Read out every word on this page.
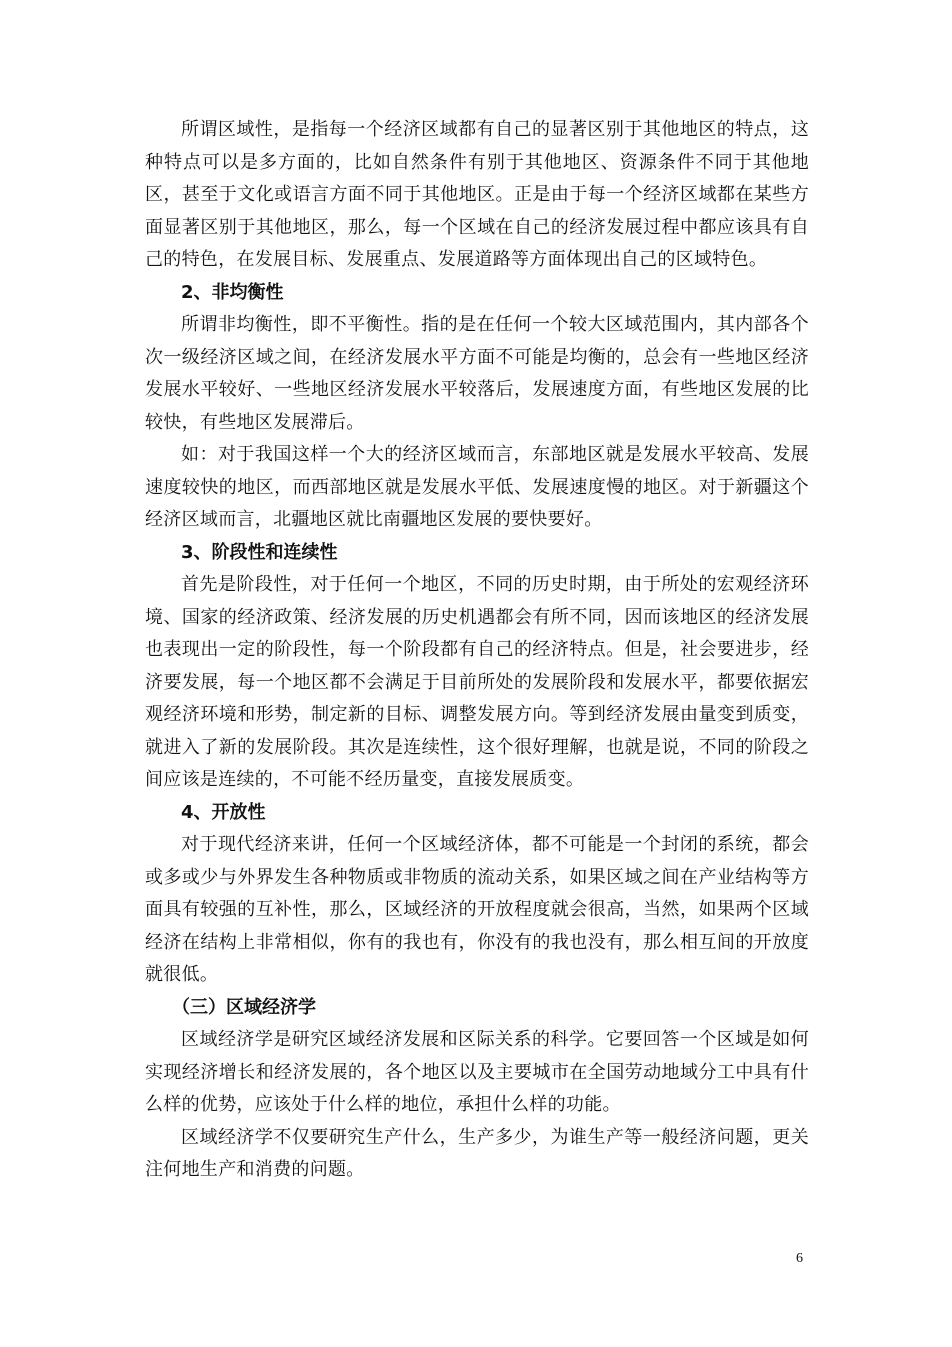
所谓区域性，是指每一个经济区域都有自己的显著区别于其他地区的特点，这种特点可以是多方面的，比如自然条件有别于其他地区、资源条件不同于其他地区，甚至于文化或语言方面不同于其他地区。正是由于每一个经济区域都在某些方面显著区别于其他地区，那么，每一个区域在自己的经济发展过程中都应该具有自己的特色，在发展目标、发展重点、发展道路等方面体现出自己的区域特色。

2、非均衡性

所谓非均衡性，即不平衡性。指的是在任何一个较大区域范围内，其内部各个次一级经济区域之间，在经济发展水平方面不可能是均衡的，总会有一些地区经济发展水平较好、一些地区经济发展水平较落后，发展速度方面，有些地区发展的比较快，有些地区发展滞后。

如：对于我国这样一个大的经济区域而言，东部地区就是发展水平较高、发展速度较快的地区，而西部地区就是发展水平低、发展速度慢的地区。对于新疆这个经济区域而言，北疆地区就比南疆地区发展的要快要好。

3、阶段性和连续性

首先是阶段性，对于任何一个地区，不同的历史时期，由于所处的宏观经济环境、国家的经济政策、经济发展的历史机遇都会有所不同，因而该地区的经济发展也表现出一定的阶段性，每一个阶段都有自己的经济特点。但是，社会要进步，经济要发展，每一个地区都不会满足于目前所处的发展阶段和发展水平，都要依据宏观经济环境和形势，制定新的目标、调整发展方向。等到经济发展由量变到质变，就进入了新的发展阶段。其次是连续性，这个很好理解，也就是说，不同的阶段之间应该是连续的，不可能不经历量变，直接发展质变。

4、开放性

对于现代经济来讲，任何一个区域经济体，都不可能是一个封闭的系统，都会或多或少与外界发生各种物质或非物质的流动关系，如果区域之间在产业结构等方面具有较强的互补性，那么，区域经济的开放程度就会很高，当然，如果两个区域经济在结构上非常相似，你有的我也有，你没有的我也没有，那么相互间的开放度就很低。

（三）区域经济学

区域经济学是研究区域经济发展和区际关系的科学。它要回答一个区域是如何实现经济增长和经济发展的，各个地区以及主要城市在全国劳动地域分工中具有什么样的优势，应该处于什么样的地位，承担什么样的功能。

区域经济学不仅要研究生产什么，生产多少，为谁生产等一般经济问题，更关注何地生产和消费的问题。

6
